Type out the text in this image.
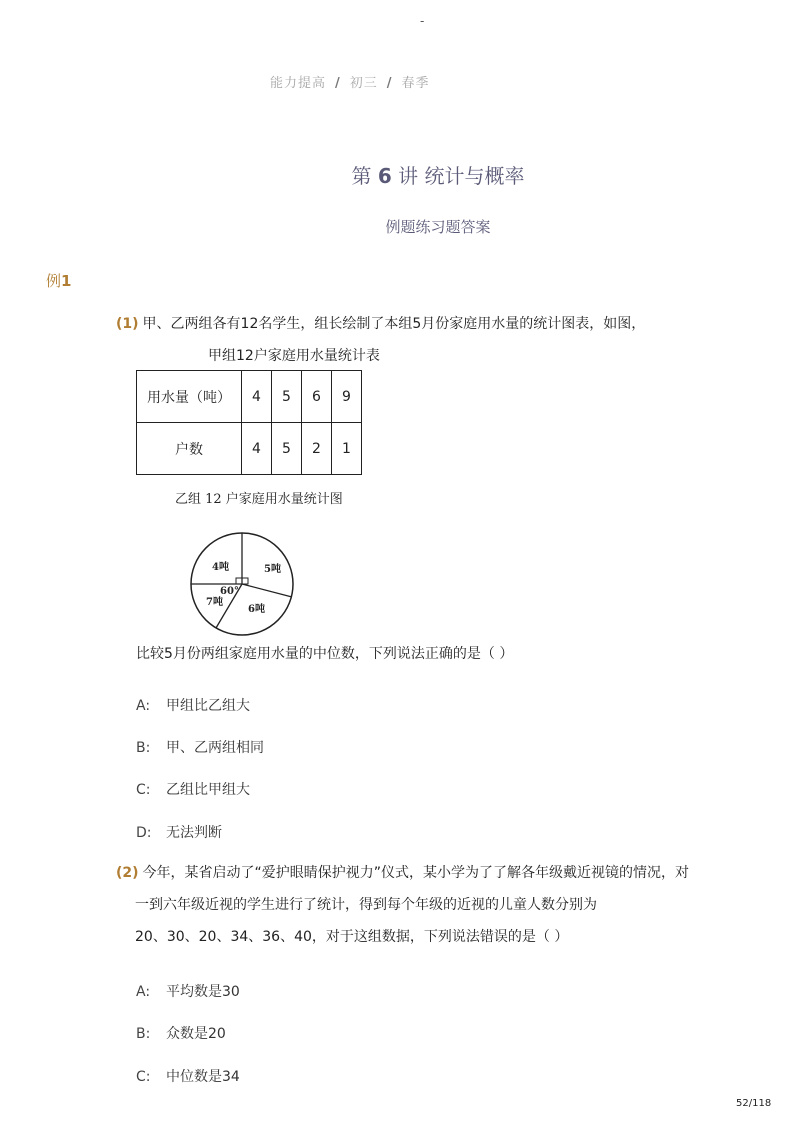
-
能力提高 / 初三 / 春季
第 6 讲 统计与概率
例题练习题答案
例1
(1) 甲、乙两组各有12名学生，组长绘制了本组5月份家庭用水量的统计图表，如图，
甲组12户家庭用水量统计表
用水量（吨）	4	5	6	9
户数	4	5	2	1
乙组 12 户家庭用水量统计图
4吨	5吨
6吨
7吨
60°
比较5月份两组家庭用水量的中位数，下列说法正确的是（ ）
A: 甲组比乙组大
B: 甲、乙两组相同
C: 乙组比甲组大
D: 无法判断
(2) 今年，某省启动了“爱护眼睛保护视力”仪式，某小学为了了解各年级戴近视镜的情况，对
一到六年级近视的学生进行了统计，得到每个年级的近视的儿童人数分别为
20、30、20、34、36、40，对于这组数据，下列说法错误的是（ ）
A: 平均数是30
B: 众数是20
C: 中位数是34
52/118
